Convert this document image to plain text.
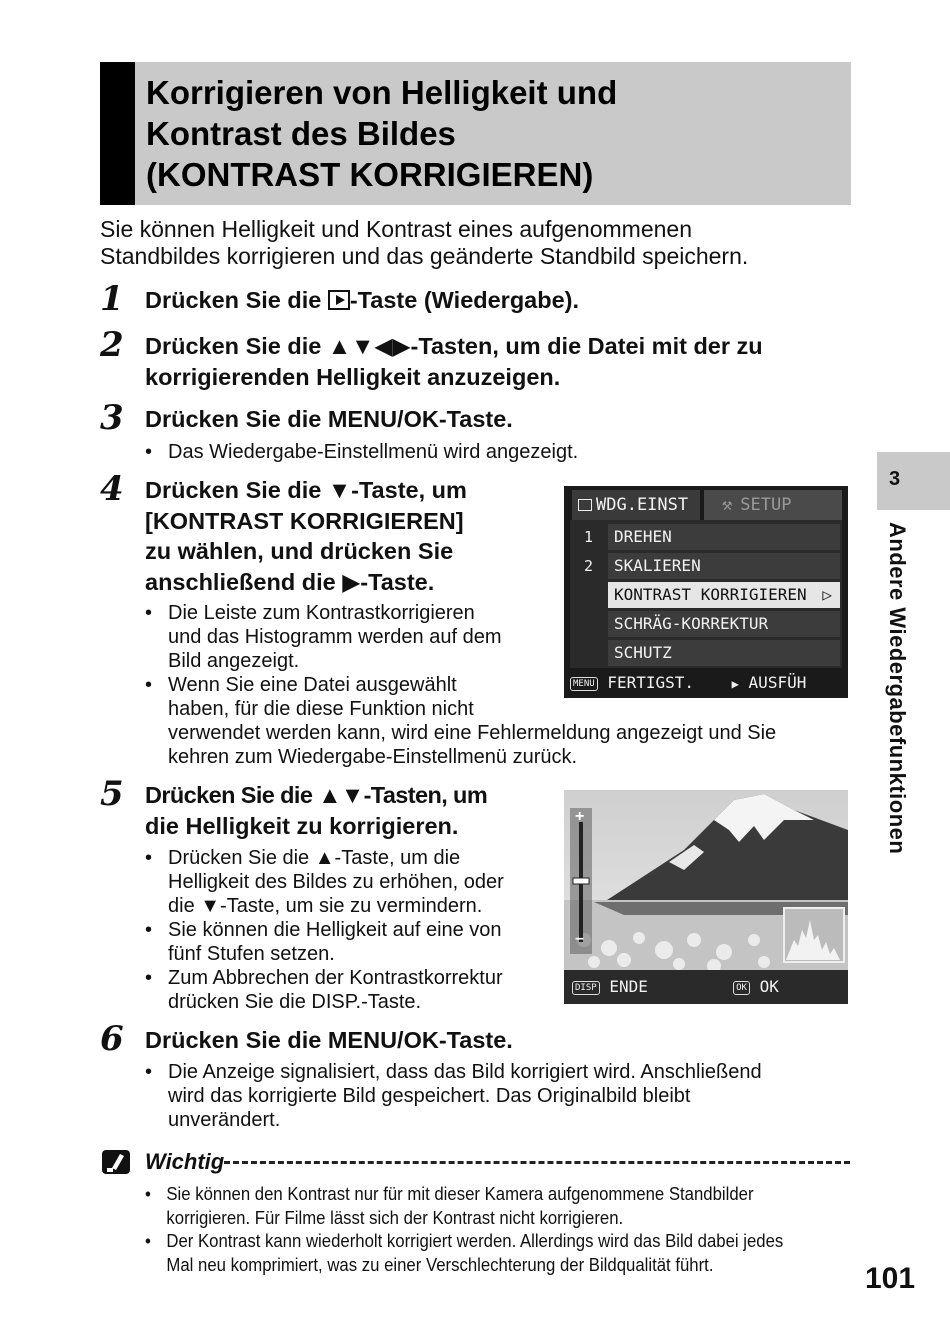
Korrigieren von Helligkeit und
Kontrast des Bildes
(KONTRAST KORRIGIEREN)
Sie können Helligkeit und Kontrast eines aufgenommenen
Standbildes korrigieren und das geänderte Standbild speichern.
1 Drücken Sie die -Taste (Wiedergabe).
2 Drücken Sie die ▲▼◀▶-Tasten, um die Datei mit der zu
korrigierenden Helligkeit anzuzeigen.
3 Drücken Sie die MENU/OK-Taste.
• Das Wiedergabe-Einstellmenü wird angezeigt.
4 Drücken Sie die ▼-Taste, um
[KONTRAST KORRIGIEREN]
zu wählen, und drücken Sie
anschließend die ▶-Taste.
• Die Leiste zum Kontrastkorrigieren
und das Histogramm werden auf dem
Bild angezeigt.
• Wenn Sie eine Datei ausgewählt
haben, für die diese Funktion nicht
verwendet werden kann, wird eine Fehlermeldung angezeigt und Sie
kehren zum Wiedergabe-Einstellmenü zurück.
WDG.EINST	⚒ SETUP
1
2
DREHEN
SKALIEREN
KONTRAST KORRIGIEREN ▷
SCHRÄG-KORREKTUR
SCHUTZ
MENU FERTIGST.	▶ AUSFÜH
5 Drücken Sie die ▲▼-Tasten, um
die Helligkeit zu korrigieren.
• Drücken Sie die ▲-Taste, um die
Helligkeit des Bildes zu erhöhen, oder
die ▼-Taste, um sie zu vermindern.
• Sie können die Helligkeit auf eine von
fünf Stufen setzen.
• Zum Abbrechen der Kontrastkorrektur
drücken Sie die DISP.-Taste.
+
–
DISP ENDE	OK OK
6 Drücken Sie die MENU/OK-Taste.
• Die Anzeige signalisiert, dass das Bild korrigiert wird. Anschließend
wird das korrigierte Bild gespeichert. Das Originalbild bleibt
unverändert.
Wichtig
• Sie können den Kontrast nur für mit dieser Kamera aufgenommene Standbilder
korrigieren. Für Filme lässt sich der Kontrast nicht korrigieren.
• Der Kontrast kann wiederholt korrigiert werden. Allerdings wird das Bild dabei jedes
Mal neu komprimiert, was zu einer Verschlechterung der Bildqualität führt.
3
Andere Wiedergabefunktionen
101
